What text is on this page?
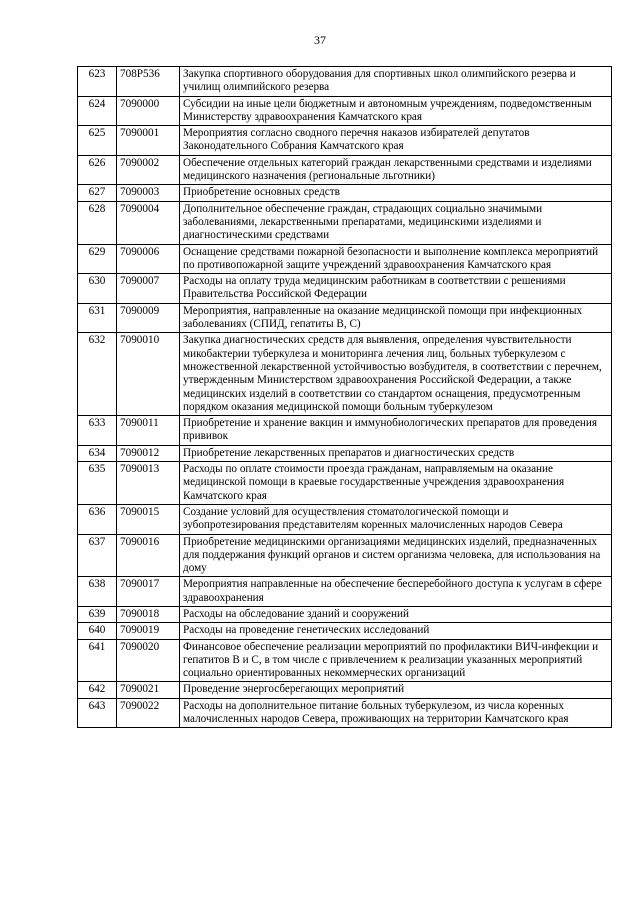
37
623	708P536	Закупка спортивного оборудования для спортивных школ олимпийского резерва и училищ олимпийского резерва
624	7090000	Субсидии на иные цели бюджетным и автономным учреждениям, подведомственным Министерству здравоохранения Камчатского края
625	7090001	Мероприятия согласно сводного перечня наказов избирателей депутатов Законодательного Собрания Камчатского края
626	7090002	Обеспечение отдельных категорий граждан лекарственными средствами и изделиями медицинского назначения (региональные льготники)
627	7090003	Приобретение основных средств
628	7090004	Дополнительное обеспечение граждан, страдающих социально значимыми заболеваниями, лекарственными препаратами, медицинскими изделиями и диагностическими средствами
629	7090006	Оснащение средствами пожарной безопасности и выполнение комплекса мероприятий по противопожарной защите учреждений здравоохранения Камчатского края
630	7090007	Расходы на оплату труда медицинским работникам в соответствии с решениями Правительства Российской Федерации
631	7090009	Мероприятия, направленные на оказание медицинской помощи при инфекционных заболеваниях (СПИД, гепатиты В, С)
632	7090010	Закупка диагностических средств для выявления, определения чувствительности микобактерии туберкулеза и мониторинга лечения лиц, больных туберкулезом с множественной лекарственной устойчивостью возбудителя, в соответствии с перечнем, утвержденным Министерством здравоохранения Российской Федерации, а также медицинских изделий в соответствии со стандартом оснащения, предусмотренным порядком оказания медицинской помощи больным туберкулезом
633	7090011	Приобретение и хранение вакцин и иммунобиологических препаратов для проведения прививок
634	7090012	Приобретение лекарственных препаратов и диагностических средств
635	7090013	Расходы по оплате стоимости проезда гражданам, направляемым на оказание медицинской помощи в краевые государственные учреждения здравоохранения Камчатского края
636	7090015	Создание условий для осуществления стоматологической помощи и зубопротезирования представителям коренных малочисленных народов Севера
637	7090016	Приобретение медицинскими организациями медицинских изделий, предназначенных для поддержания функций органов и систем организма человека, для использования на дому
638	7090017	Мероприятия направленные на обеспечение бесперебойного доступа к услугам в сфере здравоохранения
639	7090018	Расходы на обследование зданий и сооружений
640	7090019	Расходы на проведение генетических исследований
641	7090020	Финансовое обеспечение реализации мероприятий по профилактики ВИЧ-инфекции и гепатитов В и С, в том числе с привлечением к реализации указанных мероприятий социально ориентированных некоммерческих организаций
642	7090021	Проведение энергосберегающих мероприятий
643	7090022	Расходы на дополнительное питание больных туберкулезом, из числа коренных малочисленных народов Севера, проживающих на территории Камчатского края
